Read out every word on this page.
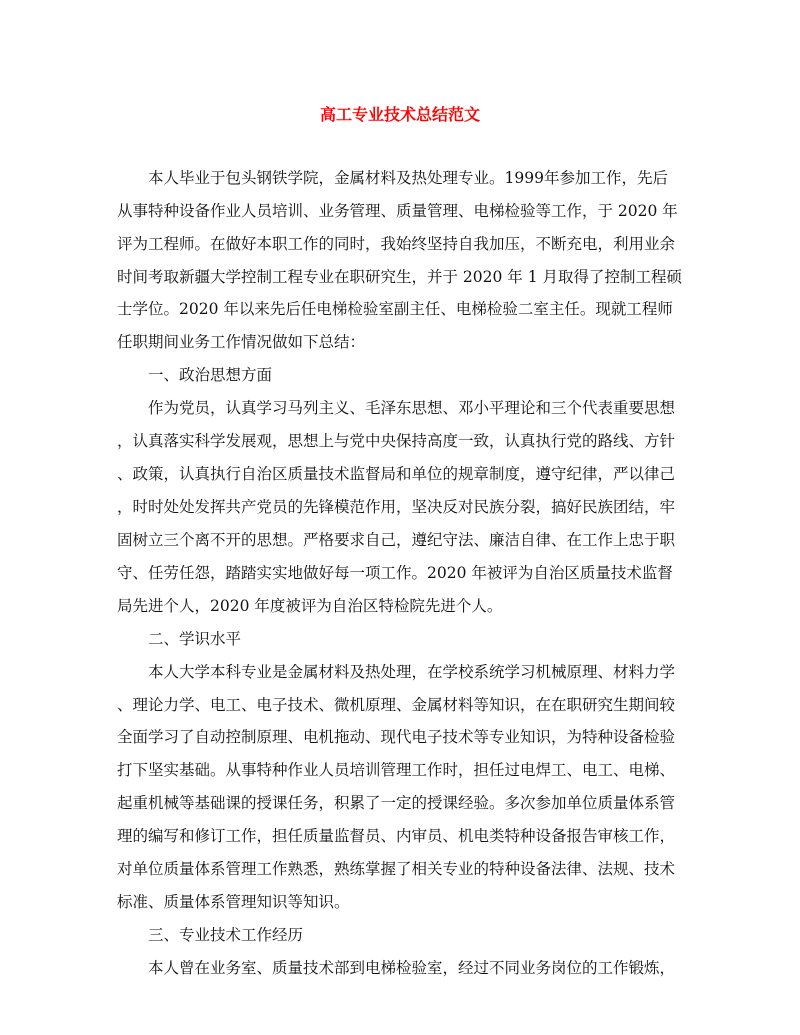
高工专业技术总结范文

本人毕业于包头钢铁学院，金属材料及热处理专业。1999年参加工作，先后

从事特种设备作业人员培训、业务管理、质量管理、电梯检验等工作，于 2020 年

评为工程师。在做好本职工作的同时，我始终坚持自我加压，不断充电，利用业余

时间考取新疆大学控制工程专业在职研究生，并于 2020 年 1 月取得了控制工程硕

士学位。2020 年以来先后任电梯检验室副主任、电梯检验二室主任。现就工程师

任职期间业务工作情况做如下总结：

一、政治思想方面

作为党员，认真学习马列主义、毛泽东思想、邓小平理论和三个代表重要思想

，认真落实科学发展观，思想上与党中央保持高度一致，认真执行党的路线、方针

、政策，认真执行自治区质量技术监督局和单位的规章制度，遵守纪律，严以律己

，时时处处发挥共产党员的先锋模范作用，坚决反对民族分裂，搞好民族团结，牢

固树立三个离不开的思想。严格要求自己，遵纪守法、廉洁自律、在工作上忠于职

守、任劳任怨，踏踏实实地做好每一项工作。2020 年被评为自治区质量技术监督

局先进个人，2020 年度被评为自治区特检院先进个人。

二、学识水平

本人大学本科专业是金属材料及热处理，在学校系统学习机械原理、材料力学

、理论力学、电工、电子技术、微机原理、金属材料等知识，在在职研究生期间较

全面学习了自动控制原理、电机拖动、现代电子技术等专业知识，为特种设备检验

打下坚实基础。从事特种作业人员培训管理工作时，担任过电焊工、电工、电梯、

起重机械等基础课的授课任务，积累了一定的授课经验。多次参加单位质量体系管

理的编写和修订工作，担任质量监督员、内审员、机电类特种设备报告审核工作，

对单位质量体系管理工作熟悉，熟练掌握了相关专业的特种设备法律、法规、技术

标准、质量体系管理知识等知识。

三、专业技术工作经历

本人曾在业务室、质量技术部到电梯检验室，经过不同业务岗位的工作锻炼，
